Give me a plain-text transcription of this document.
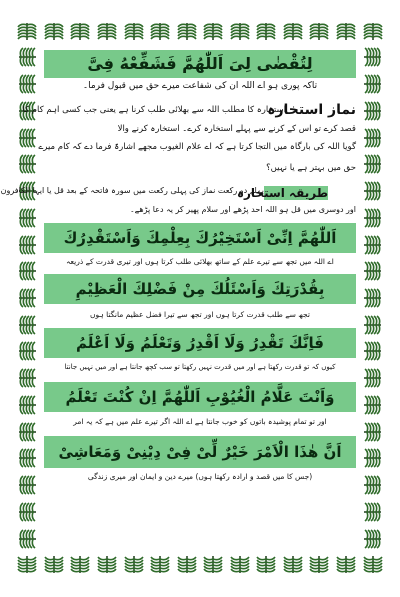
لِتُقْضٰی لِیَ اَللّٰهُمَّ فَشَفِّعْهُ فِیَّ
تاکہ پوری ہو اے اللہ ان کی شفاعت میرے حق میں قبول فرما۔
نماز استخارہ
استخارہ کا مطلب اللہ سے بھلائی طلب کرنا ہے یعنی جب کسی اہم کام کا
قصد کرے تو اس کے کرنے سے پہلے استخارہ کرے۔ استخارہ کرنے والا
گویا اللہ کی بارگاہ میں التجا کرتا ہے کہ اے علام الغیوب مجھے اشارۃً فرما دے کہ کام میرے
حق میں بہتر ہے یا نہیں؟
طریقہ استخارہ
پہلے دو رکعت نماز کی پہلی رکعت میں سورہ فاتحہ کے بعد قل یا ایہا الکافرون
اور دوسری میں قل ہو اللہ احد پڑھے اور سلام پھیر کر یہ دعا پڑھے۔
اَللّٰهُمَّ اِنِّیْ اَسْتَخِیْرُكَ بِعِلْمِكَ وَاَسْتَقْدِرُكَ
اے اللہ میں تجھ سے تیرے علم کے ساتھ بھلائی طلب کرتا ہوں اور تیری قدرت کے ذریعہ
بِقُدْرَتِكَ وَاَسْئَلُكَ مِنْ فَضْلِكَ الْعَظِیْمِ
تجھ سے طلب قدرت کرتا ہوں اور تجھ سے تیرا فضل عظیم مانگتا ہوں
فَاِنَّكَ تَقْدِرُ وَلَا اَقْدِرُ وَتَعْلَمُ وَلَا اَعْلَمُ
کیوں کہ تو قدرت رکھتا ہے اور میں قدرت نہیں رکھتا تو سب کچھ جانتا ہے اور میں نہیں جانتا
وَاَنْتَ عَلَّامُ الْغُیُوْبِ اَللّٰهُمَّ اِنْ كُنْتَ تَعْلَمُ
اور تو تمام پوشیدہ باتوں کو خوب جانتا ہے اے اللہ اگر تیرے علم میں ہے کہ یہ امر
اَنَّ هٰذَا الْاَمْرَ خَیْرٌ لِّیْ فِیْ دِیْنِیْ وَمَعَاشِیْ
(جس کا میں قصد و ارادہ رکھتا ہوں) میرے دین و ایمان اور میری زندگی
